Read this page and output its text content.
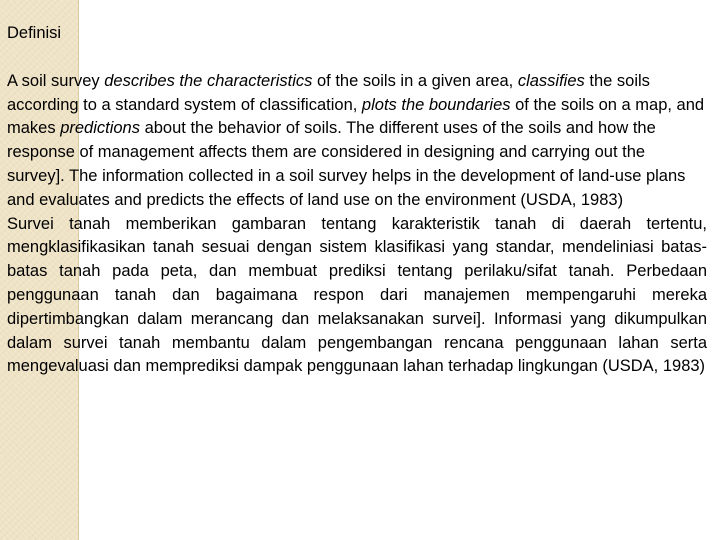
Definisi

A soil survey describes the characteristics of the soils in a given area, classifies the soils according to a standard system of classification, plots the boundaries of the soils on a map, and makes predictions about the behavior of soils. The different uses of the soils and how the response of management affects them are considered in designing and carrying out the survey]. The information collected in a soil survey helps in the development of land-use plans and evaluates and predicts the effects of land use on the environment (USDA, 1983)

Survei tanah memberikan gambaran tentang karakteristik tanah di daerah tertentu, mengklasifikasikan tanah sesuai dengan sistem klasifikasi yang standar, mendeliniasi batas-batas tanah pada peta, dan membuat prediksi tentang perilaku/sifat tanah. Perbedaan penggunaan tanah dan bagaimana respon dari manajemen mempengaruhi mereka dipertimbangkan dalam merancang dan melaksanakan survei]. Informasi yang dikumpulkan dalam survei tanah membantu dalam pengembangan rencana penggunaan lahan serta mengevaluasi dan memprediksi dampak penggunaan lahan terhadap lingkungan (USDA, 1983)
